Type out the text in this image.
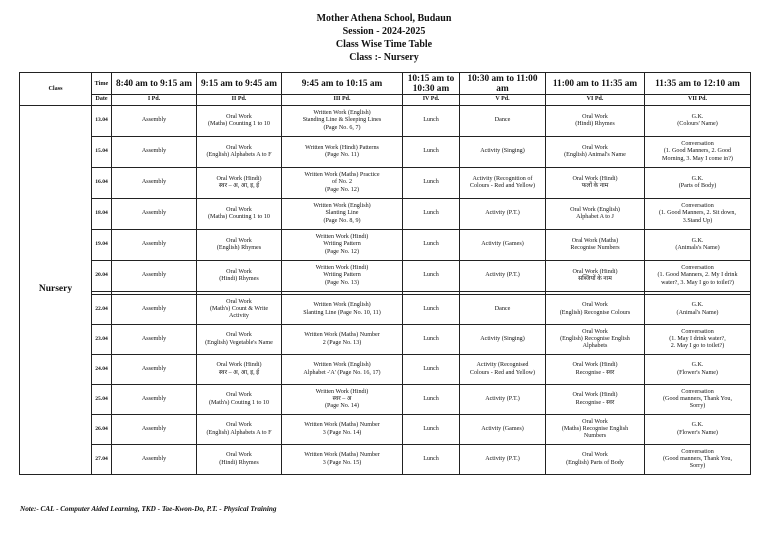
Mother Athena School, Budaun
Session - 2024-2025
Class Wise Time Table
Class :- Nursery
Class	Time	8:40 am to 9:15 am	9:15 am to 9:45 am	9:45 am to 10:15 am	10:15 am to 10:30 am	10:30 am to 11:00 am	11:00 am to 11:35 am	11:35 am to 12:10 am
	Date	I Pd.	II Pd.	III Pd.	IV Pd.	V Pd.	VI Pd.	VII Pd.
Nursery	13.04	Assembly	Oral Work
(Maths) Counting 1 to 10	Written Work (English)
Standing Line & Sleeping Lines
(Page No. 6, 7)	Lunch	Dance	Oral Work
(Hindi) Rhymes	G.K.
(Colours' Name)
	15.04	Assembly	Oral Work
(English) Alphabets A to F	Written Work (Hindi) Patterns
(Page No. 11)	Lunch	Activity (Singing)	Oral Work
(English) Animal's Name	Conversation
(1. Good Manners, 2. Good
Morning, 3. May I come in?)
	16.04	Assembly	Oral Work (Hindi)
स्वर – अ, आ, इ, ई	Written Work (Maths) Practice
of No. 2
(Page No. 12)	Lunch	Activity (Recognition of
Colours - Red and Yellow)	Oral Work (Hindi)
फलों के नाम	G.K.
(Parts of Body)
	18.04	Assembly	Oral Work
(Maths) Counting 1 to 10	Written Work (English)
Slanting Line
(Page No. 8, 9)	Lunch	Activity (P.T.)	Oral Work (English)
Alphabet A to J	Conversation
(1. Good Manners, 2. Sit down,
3.Stand Up)
	19.04	Assembly	Oral Work
(English) Rhymes	Written Work (Hindi)
Writing Pattern
(Page No. 12)	Lunch	Activity (Games)	Oral Work (Maths)
Recognise Numbers	G.K.
(Animals's Name)
	20.04	Assembly	Oral Work
(Hindi) Rhymes	Written Work (Hindi)
Writing Pattern
(Page No. 13)	Lunch	Activity (P.T.)	Oral Work (Hindi)
सब्जियों के नाम	Conversation
(1. Good Manners, 2. My I drink
water?, 3. May I go to toilet?)

	22.04	Assembly	Oral Work
(Math's) Count & Write
Activity	Written Work (English)
Slanting Line (Page No. 10, 11)	Lunch	Dance	Oral Work
(English) Recognise Colours	G.K.
(Animal's Name)
	23.04	Assembly	Oral Work
(English) Vegetable's Name	Written Work (Maths) Number
2 (Page No. 13)	Lunch	Activity (Singing)	Oral Work
(English) Recognise English
Alphabets	Conversation
(1. May I drink water?,
2. May I go to toilet?)
	24.04	Assembly	Oral Work (Hindi)
स्वर – अ, आ, इ, ई	Written Work (English)
Alphabet -'A' (Page No. 16, 17)	Lunch	Activity (Recognised
Colours - Red and Yellow)	Oral Work (Hindi)
Recognise - स्वर	G.K.
(Flower's Name)
	25.04	Assembly	Oral Work
(Math's) Couting 1 to 10	Written Work (Hindi)
स्वर – अ
(Page No. 14)	Lunch	Activity (P.T.)	Oral Work (Hindi)
Recognise - स्वर	Conversation
(Good manners, Thank You,
Sorry)
	26.04	Assembly	Oral Work
(English) Alphabets A to F	Written Work (Maths) Number
3 (Page No. 14)	Lunch	Activity (Games)	Oral Work
(Maths) Recognise English
Numbers	G.K.
(Flower's Name)
	27.04	Assembly	Oral Work
(Hindi) Rhymes	Written Work (Maths) Number
3 (Page No. 15)	Lunch	Activity (P.T.)	Oral Work
(English) Parts of Body	Conversation
(Good manners, Thank You,
Sorry)
Note:- CAL - Computer Aided Learning, TKD - Tae-Kwon-Do, P.T. - Physical Training
